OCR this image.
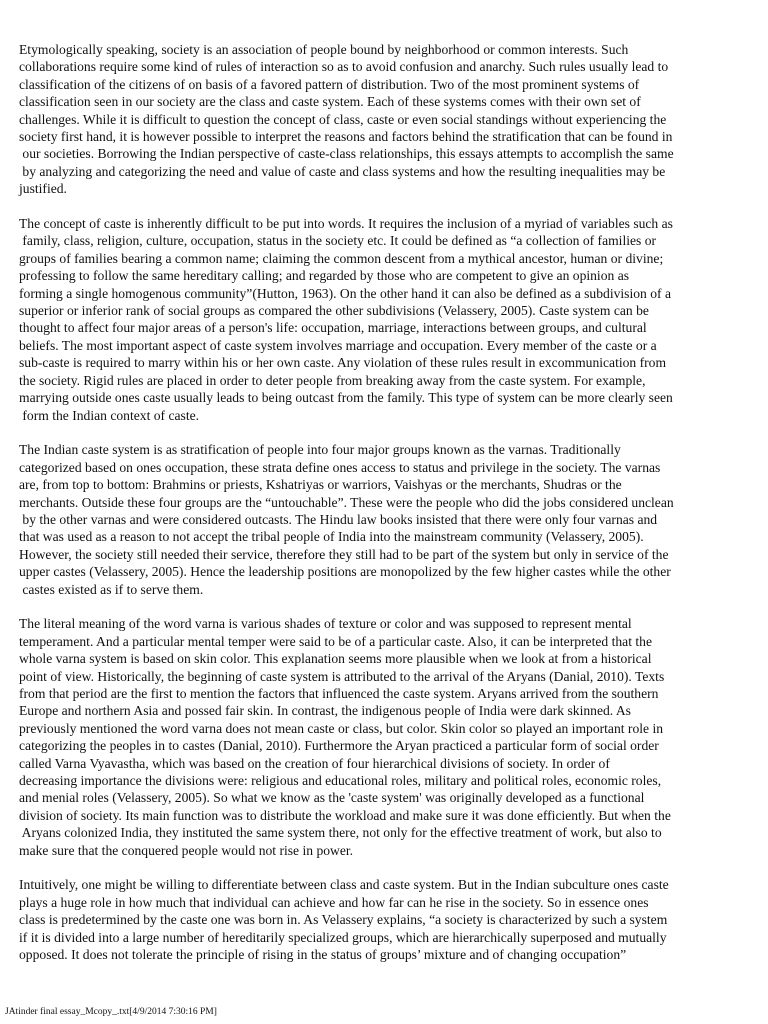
Etymologically speaking, society is an association of people bound by neighborhood or common interests. Such
collaborations require some kind of rules of interaction so as to avoid confusion and anarchy. Such rules usually lead to
classification of the citizens of on basis of a favored pattern of distribution. Two of the most prominent systems of
classification seen in our society are the class and caste system. Each of these systems comes with their own set of
challenges. While it is difficult to question the concept of class, caste or even social standings without experiencing the
society first hand, it is however possible to interpret the reasons and factors behind the stratification that can be found in
our societies. Borrowing the Indian perspective of caste-class relationships, this essays attempts to accomplish the same
by analyzing and categorizing the need and value of caste and class systems and how the resulting inequalities may be
justified.
The concept of caste is inherently difficult to be put into words. It requires the inclusion of a myriad of variables such as
family, class, religion, culture, occupation, status in the society etc. It could be defined as “a collection of families or
groups of families bearing a common name; claiming the common descent from a mythical ancestor, human or divine;
professing to follow the same hereditary calling; and regarded by those who are competent to give an opinion as
forming a single homogenous community”(Hutton, 1963). On the other hand it can also be defined as a subdivision of a
superior or inferior rank of social groups as compared the other subdivisions (Velassery, 2005). Caste system can be
thought to affect four major areas of a person's life: occupation, marriage, interactions between groups, and cultural
beliefs. The most important aspect of caste system involves marriage and occupation. Every member of the caste or a
sub-caste is required to marry within his or her own caste. Any violation of these rules result in excommunication from
the society. Rigid rules are placed in order to deter people from breaking away from the caste system. For example,
marrying outside ones caste usually leads to being outcast from the family. This type of system can be more clearly seen
form the Indian context of caste.
The Indian caste system is as stratification of people into four major groups known as the varnas. Traditionally
categorized based on ones occupation, these strata define ones access to status and privilege in the society. The varnas
are, from top to bottom: Brahmins or priests, Kshatriyas or warriors, Vaishyas or the merchants, Shudras or the
merchants. Outside these four groups are the “untouchable”. These were the people who did the jobs considered unclean
by the other varnas and were considered outcasts. The Hindu law books insisted that there were only four varnas and
that was used as a reason to not accept the tribal people of India into the mainstream community (Velassery, 2005).
However, the society still needed their service, therefore they still had to be part of the system but only in service of the
upper castes (Velassery, 2005). Hence the leadership positions are monopolized by the few higher castes while the other
castes existed as if to serve them.
The literal meaning of the word varna is various shades of texture or color and was supposed to represent mental
temperament. And a particular mental temper were said to be of a particular caste. Also, it can be interpreted that the
whole varna system is based on skin color. This explanation seems more plausible when we look at from a historical
point of view. Historically, the beginning of caste system is attributed to the arrival of the Aryans (Danial, 2010). Texts
from that period are the first to mention the factors that influenced the caste system. Aryans arrived from the southern
Europe and northern Asia and possed fair skin. In contrast, the indigenous people of India were dark skinned. As
previously mentioned the word varna does not mean caste or class, but color. Skin color so played an important role in
categorizing the peoples in to castes (Danial, 2010). Furthermore the Aryan practiced a particular form of social order
called Varna Vyavastha, which was based on the creation of four hierarchical divisions of society. In order of
decreasing importance the divisions were: religious and educational roles, military and political roles, economic roles,
and menial roles (Velassery, 2005). So what we know as the 'caste system' was originally developed as a functional
division of society. Its main function was to distribute the workload and make sure it was done efficiently. But when the
Aryans colonized India, they instituted the same system there, not only for the effective treatment of work, but also to
make sure that the conquered people would not rise in power.
Intuitively, one might be willing to differentiate between class and caste system. But in the Indian subculture ones caste
plays a huge role in how much that individual can achieve and how far can he rise in the society. So in essence ones
class is predetermined by the caste one was born in. As Velassery explains, “a society is characterized by such a system
if it is divided into a large number of hereditarily specialized groups, which are hierarchically superposed and mutually
opposed. It does not tolerate the principle of rising in the status of groups’ mixture and of changing occupation”
JAtinder final essay_Mcopy_.txt[4/9/2014 7:30:16 PM]
